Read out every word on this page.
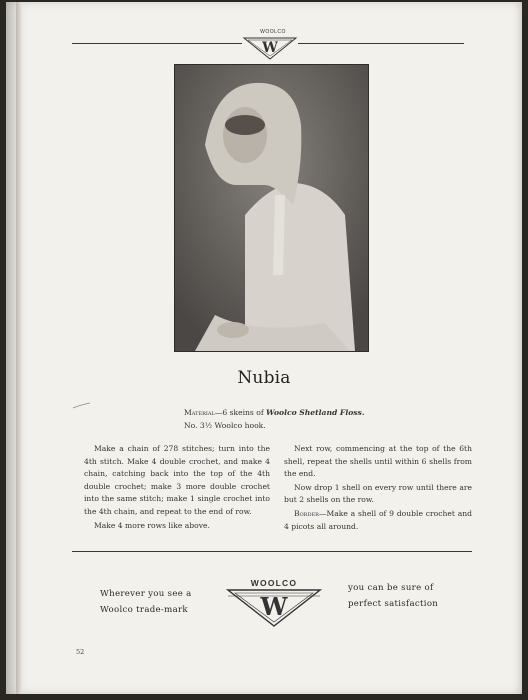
WOOLCO
W
Nubia
Material—6 skeins of Woolco Shetland Floss.
No. 3½ Woolco hook.

Make a chain of 278 stitches; turn into the 4th stitch. Make 4 double crochet, and make 4 chain, catching back into the top of the 4th double crochet; make 3 more double crochet into the same stitch; make 1 single crochet into the 4th chain, and repeat to the end of row.

Make 4 more rows like above.

Next row, commencing at the top of the 6th shell, repeat the shells until within 6 shells from the end.

Now drop 1 shell on every row until there are but 2 shells on the row.

Border—Make a shell of 9 double crochet and 4 picots all around.

Wherever you see a
Woolco trade-mark
WOOLCO
W
you can be sure of
perfect satisfaction
52
